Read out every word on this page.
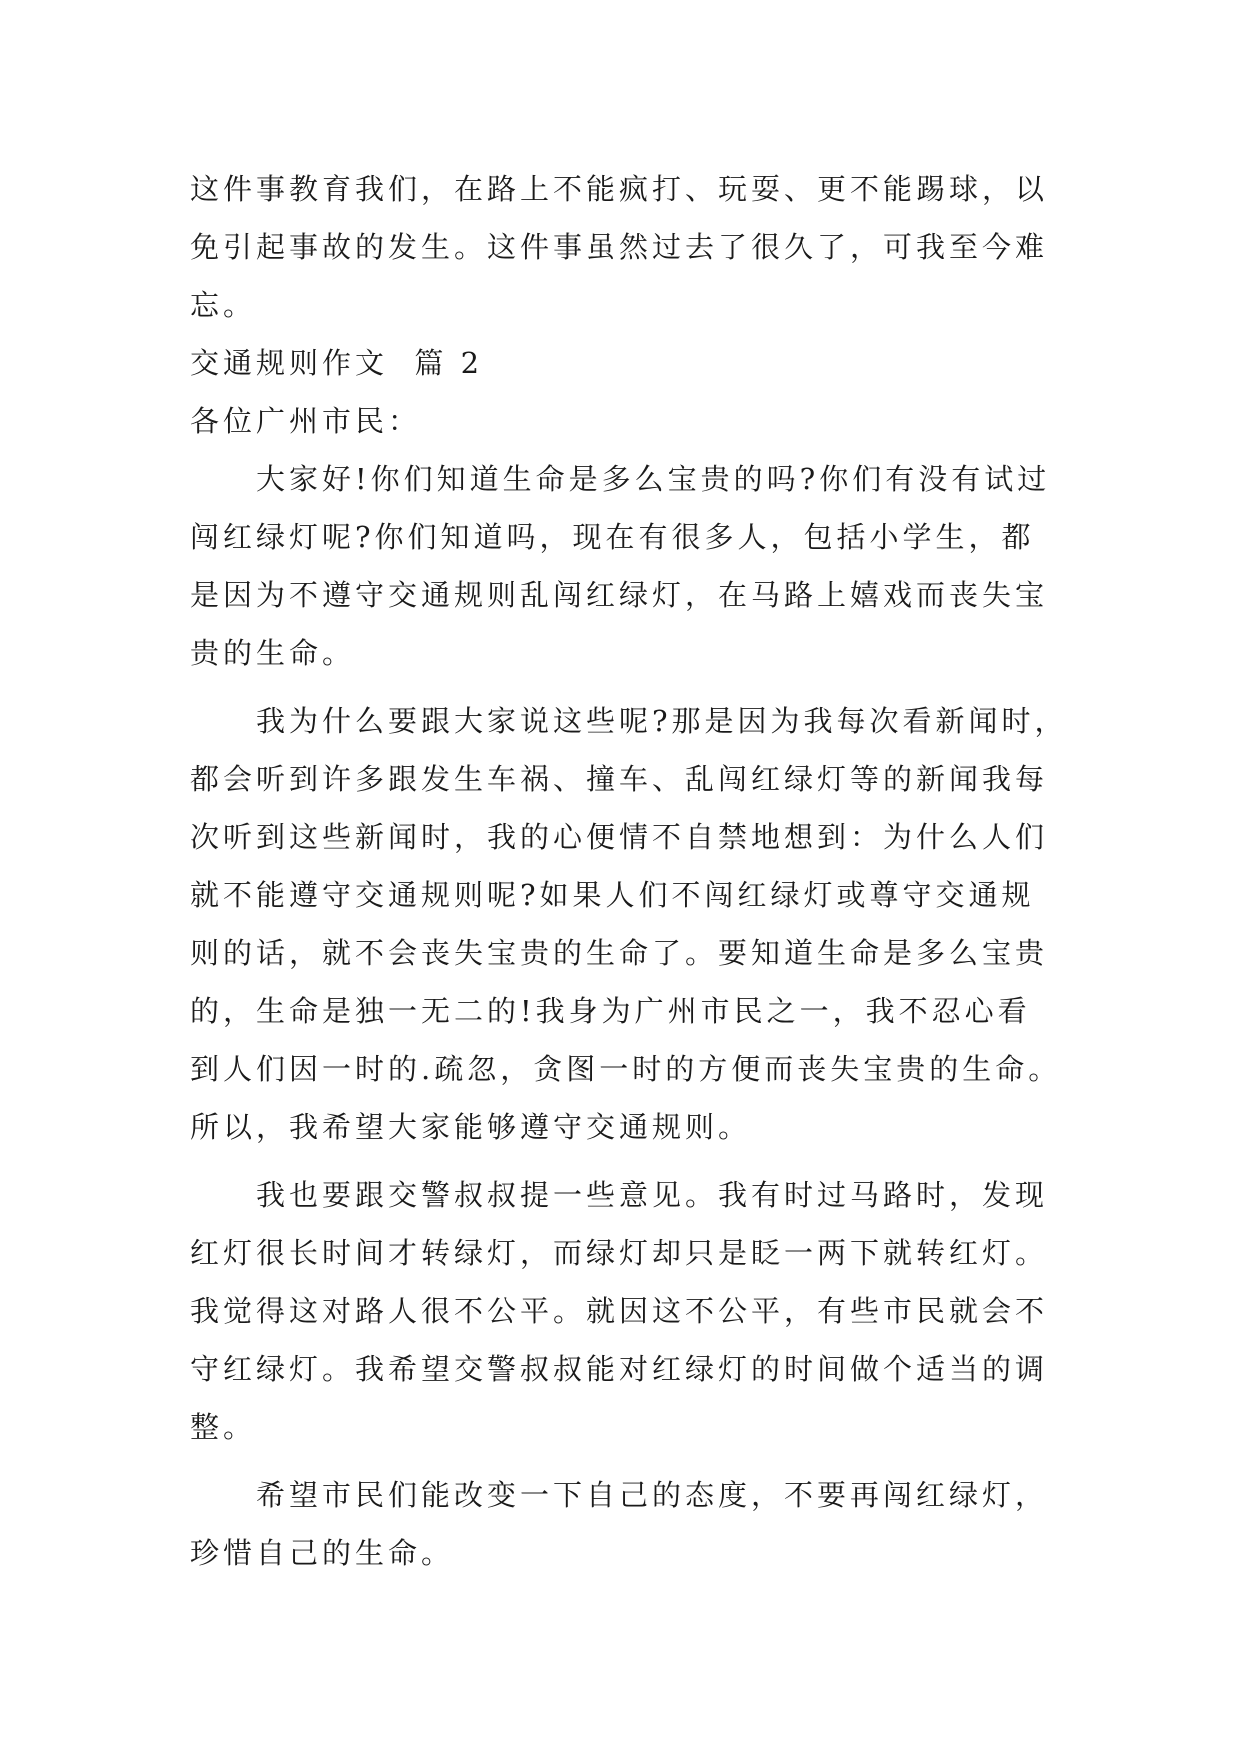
这件事教育我们，在路上不能疯打、玩耍、更不能踢球，以

免引起事故的发生。这件事虽然过去了很久了，可我至今难

忘。

交通规则作文  篇 2

各位广州市民：

大家好!你们知道生命是多么宝贵的吗?你们有没有试过

闯红绿灯呢?你们知道吗，现在有很多人，包括小学生，都

是因为不遵守交通规则乱闯红绿灯，在马路上嬉戏而丧失宝

贵的生命。

我为什么要跟大家说这些呢?那是因为我每次看新闻时，

都会听到许多跟发生车祸、撞车、乱闯红绿灯等的新闻我每

次听到这些新闻时，我的心便情不自禁地想到：为什么人们

就不能遵守交通规则呢?如果人们不闯红绿灯或尊守交通规

则的话，就不会丧失宝贵的生命了。要知道生命是多么宝贵

的，生命是独一无二的!我身为广州市民之一，我不忍心看

到人们因一时的.疏忽，贪图一时的方便而丧失宝贵的生命。

所以，我希望大家能够遵守交通规则。

我也要跟交警叔叔提一些意见。我有时过马路时，发现

红灯很长时间才转绿灯，而绿灯却只是眨一两下就转红灯。

我觉得这对路人很不公平。就因这不公平，有些市民就会不

守红绿灯。我希望交警叔叔能对红绿灯的时间做个适当的调

整。

希望市民们能改变一下自己的态度，不要再闯红绿灯，

珍惜自己的生命。
